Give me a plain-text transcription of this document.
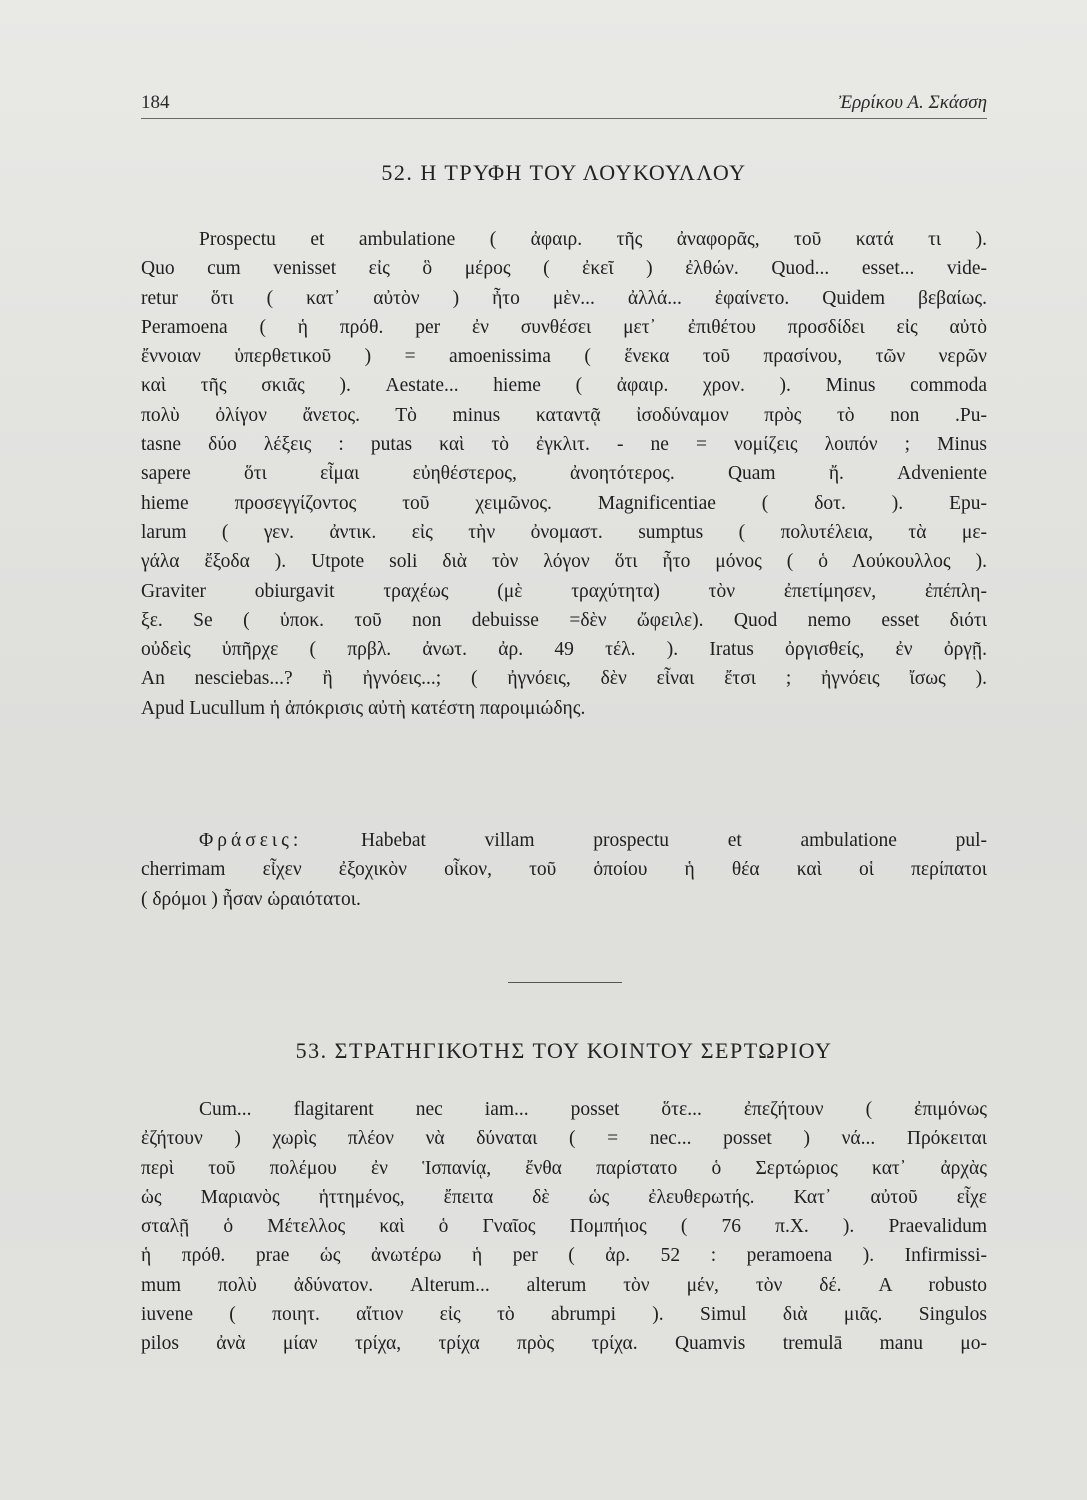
184	Ἐρρίκου Α. Σκάσση
52. Η ΤΡΥΦΗ ΤΟΥ ΛΟΥΚΟΥΛΛΟΥ
Prospectu et ambulatione ( ἀφαιρ. τῆς ἀναφορᾶς, τοῦ κατά τι ).
Quo cum venisset εἰς ὃ μέρος ( ἐκεῖ ) ἐλθών. Quod... esset... vide-
retur ὅτι ( κατ᾽ αὐτὸν ) ἦτο μὲν... ἀλλά... ἐφαίνετο. Quidem βεβαίως.
Peramoena ( ἡ πρόθ. per ἐν συνθέσει μετ᾽ ἐπιθέτου προσδίδει εἰς αὐτὸ
ἔννοιαν ὑπερθετικοῦ ) = amoenissima ( ἕνεκα τοῦ πρασίνου, τῶν νερῶν
καὶ τῆς σκιᾶς ). Aestate... hieme ( ἀφαιρ. χρον. ). Minus commoda
πολὺ ὀλίγον ἄνετος. Τὸ minus καταντᾷ ἰσοδύναμον πρὸς τὸ non .Pu-
tasne δύο λέξεις : putas καὶ τὸ ἐγκλιτ. - ne = νομίζεις λοιπόν ; Minus
sapere ὅτι εἶμαι εὐηθέστερος, ἀνοητότερος. Quam ἤ. Adveniente
hieme προσεγγίζοντος τοῦ χειμῶνος. Magnificentiae ( δοτ. ). Epu-
larum ( γεν. ἀντικ. εἰς τὴν ὀνομαστ. sumptus ( πολυτέλεια, τὰ με-
γάλα ἔξοδα ). Utpote soli διὰ τὸν λόγον ὅτι ἦτο μόνος ( ὁ Λούκουλλος ).
Graviter obiurgavit τραχέως (μὲ τραχύτητα) τὸν ἐπετίμησεν, ἐπέπλη-
ξε. Se ( ὑποκ. τοῦ non debuisse =δὲν ὤφειλε). Quod nemo esset διότι
οὐδεὶς ὑπῆρχε ( πρβλ. ἀνωτ. ἀρ. 49 τέλ. ). Iratus ὀργισθείς, ἐν ὀργῇ.
An nesciebas...? ἢ ἠγνόεις...; ( ἠγνόεις, δὲν εἶναι ἔτσι ; ἠγνόεις ἴσως ).
Apud Lucullum ἡ ἀπόκρισις αὐτὴ κατέστη παροιμιώδης.
Φράσεις:	Habebat villam prospectu et ambulatione pul-
cherrimam εἶχεν ἐξοχικὸν οἶκον, τοῦ ὁποίου ἡ θέα καὶ οἱ περίπατοι
( δρόμοι ) ἦσαν ὡραιότατοι.
53. ΣΤΡΑΤΗΓΙΚΟΤΗΣ ΤΟΥ ΚΟΙΝΤΟΥ ΣΕΡΤΩΡΙΟΥ
Cum... flagitarent nec iam... posset ὅτε... ἐπεζήτουν ( ἐπιμόνως
ἐζήτουν ) χωρὶς πλέον νὰ δύναται ( = nec... posset ) νά... Πρόκειται
περὶ τοῦ πολέμου ἐν Ἱσπανίᾳ, ἔνθα παρίστατο ὁ Σερτώριος κατ᾽ ἀρχὰς
ὡς Μαριανὸς ἡττημένος, ἔπειτα δὲ ὡς ἐλευθερωτής. Κατ᾽ αὐτοῦ εἶχε
σταλῇ ὁ Μέτελλος καὶ ὁ Γναῖος Πομπήιος ( 76 π.Χ. ). Praevalidum
ἡ πρόθ. prae ὡς ἀνωτέρω ἡ per ( ἀρ. 52 : peramoena ). Infirmissi-
mum πολὺ ἀδύνατον. Alterum... alterum τὸν μέν, τὸν δέ. A robusto
iuvene ( ποιητ. αἴτιον εἰς τὸ abrumpi ). Simul διὰ μιᾶς. Singulos
pilos ἀνὰ μίαν τρίχα, τρίχα πρὸς τρίχα. Quamvis tremulā manu μο-
